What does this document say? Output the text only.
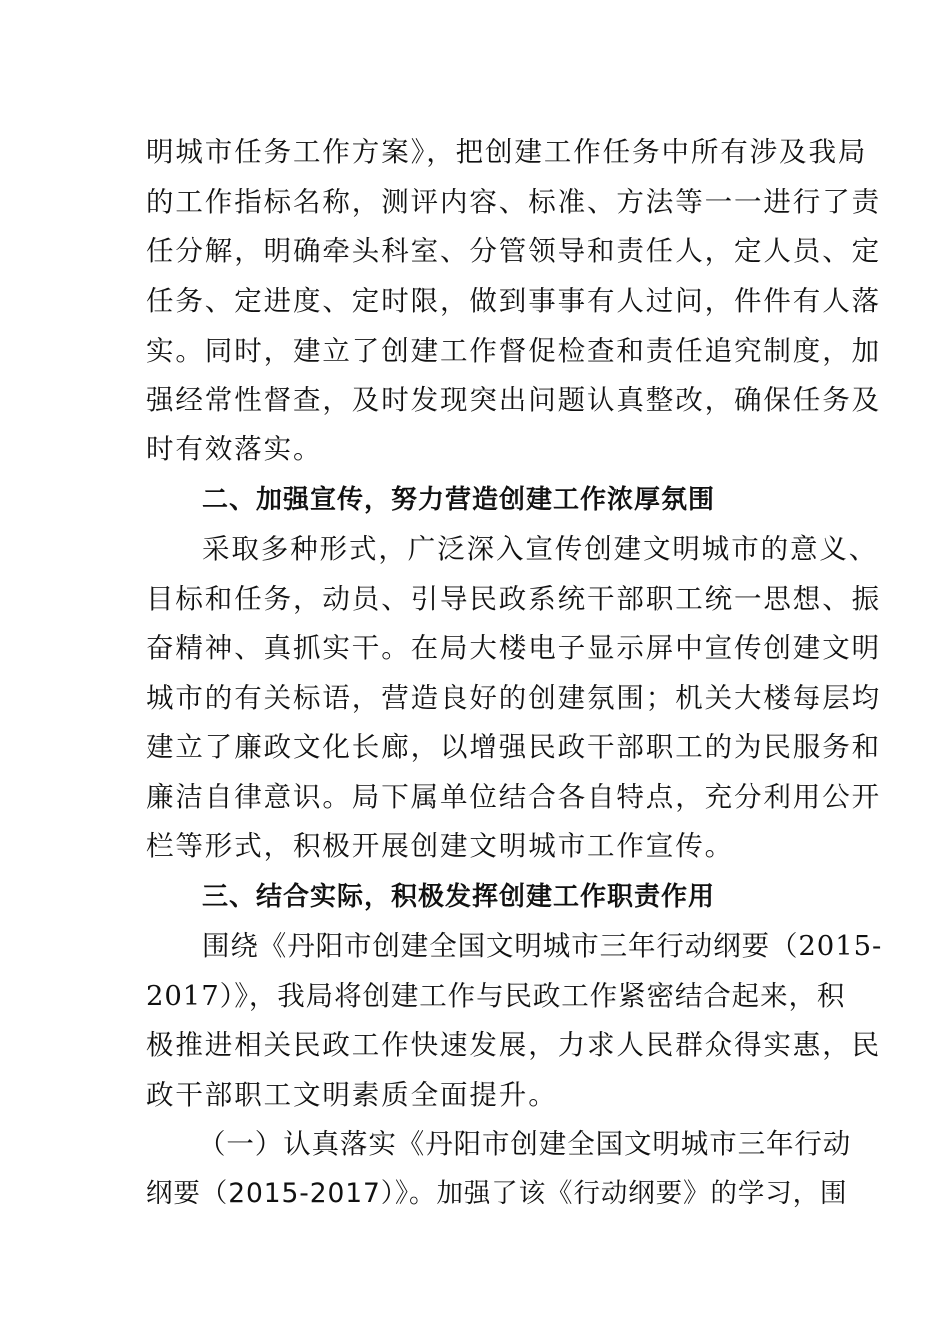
明城市任务工作方案》，把创建工作任务中所有涉及我局

的工作指标名称，测评内容、标准、方法等一一进行了责

任分解，明确牵头科室、分管领导和责任人，定人员、定

任务、定进度、定时限，做到事事有人过问，件件有人落

实。同时，建立了创建工作督促检查和责任追究制度，加

强经常性督查，及时发现突出问题认真整改，确保任务及

时有效落实。

二、加强宣传，努力营造创建工作浓厚氛围

采取多种形式，广泛深入宣传创建文明城市的意义、

目标和任务，动员、引导民政系统干部职工统一思想、振

奋精神、真抓实干。在局大楼电子显示屏中宣传创建文明

城市的有关标语，营造良好的创建氛围；机关大楼每层均

建立了廉政文化长廊，以增强民政干部职工的为民服务和

廉洁自律意识。局下属单位结合各自特点，充分利用公开

栏等形式，积极开展创建文明城市工作宣传。

三、结合实际，积极发挥创建工作职责作用

围绕《丹阳市创建全国文明城市三年行动纲要（2015-

2017）》，我局将创建工作与民政工作紧密结合起来，积

极推进相关民政工作快速发展，力求人民群众得实惠，民

政干部职工文明素质全面提升。

（一）认真落实《丹阳市创建全国文明城市三年行动

纲要（2015-2017）》。加强了该《行动纲要》的学习，围
